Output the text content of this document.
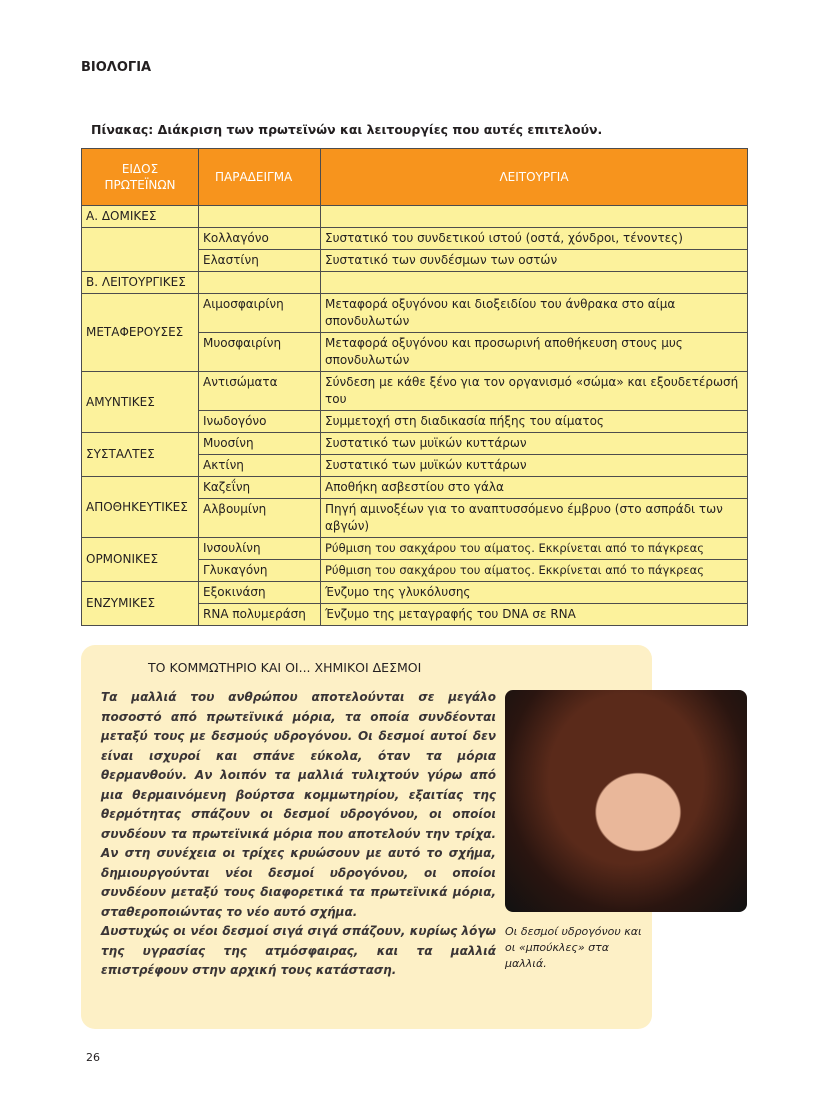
ΒΙΟΛΟΓΙΑ
Πίνακας: Διάκριση των πρωτεϊνών και λειτουργίες που αυτές επιτελούν.
ΕΙΔΟΣ ΠΡΩΤΕΪΝΩΝ	ΠΑΡΑΔΕΙΓΜΑ	ΛΕΙΤΟΥΡΓΙΑ
Α. ΔΟΜΙΚΕΣ		
	Κολλαγόνο	Συστατικό του συνδετικού ιστού (οστά, χόνδροι, τένοντες)
	Ελαστίνη	Συστατικό των συνδέσμων των οστών
Β. ΛΕΙΤΟΥΡΓΙΚΕΣ		
ΜΕΤΑΦΕΡΟΥΣΕΣ	Αιμοσφαιρίνη	Μεταφορά οξυγόνου και διοξειδίου του άνθρακα στο αίμα σπονδυλωτών
	Μυοσφαιρίνη	Μεταφορά οξυγόνου και προσωρινή αποθήκευση στους μυς σπονδυλωτών
ΑΜΥΝΤΙΚΕΣ	Αντισώματα	Σύνδεση με κάθε ξένο για τον οργανισμό «σώμα» και εξουδετέρωσή του
	Ινωδογόνο	Συμμετοχή στη διαδικασία πήξης του αίματος
ΣΥΣΤΑΛΤΕΣ	Μυοσίνη	Συστατικό των μυϊκών κυττάρων
	Ακτίνη	Συστατικό των μυϊκών κυττάρων
ΑΠΟΘΗΚΕΥΤΙΚΕΣ	Καζεΐνη	Αποθήκη ασβεστίου στο γάλα
	Αλβουμίνη	Πηγή αμινοξέων για το αναπτυσσόμενο έμβρυο (στο ασπράδι των αβγών)
ΟΡΜΟΝΙΚΕΣ	Ινσουλίνη	Ρύθμιση του σακχάρου του αίματος. Εκκρίνεται από το πάγκρεας
	Γλυκαγόνη	Ρύθμιση του σακχάρου του αίματος. Εκκρίνεται από το πάγκρεας
ΕΝΖΥΜΙΚΕΣ	Εξοκινάση	Ένζυμο της γλυκόλυσης
	RNA πολυμεράση	Ένζυμο της μεταγραφής του DNA σε RNA
ΤΟ ΚΟΜΜΩΤΗΡΙΟ ΚΑΙ ΟΙ... ΧΗΜΙΚΟΙ ΔΕΣΜΟΙ

Τα μαλλιά του ανθρώπου αποτελούνται σε μεγάλο ποσοστό από πρωτεϊνικά μόρια, τα οποία συνδέονται μεταξύ τους με δεσμούς υδρογόνου. Οι δεσμοί αυτοί δεν είναι ισχυροί και σπάνε εύκολα, όταν τα μόρια θερμανθούν. Αν λοιπόν τα μαλλιά τυλιχτούν γύρω από μια θερμαινόμενη βούρτσα κομμωτηρίου, εξαιτίας της θερμότητας σπάζουν οι δεσμοί υδρογόνου, οι οποίοι συνδέουν τα πρωτεϊνικά μόρια που αποτελούν την τρίχα. Αν στη συνέχεια οι τρίχες κρυώσουν με αυτό το σχήμα, δημιουργούνται νέοι δεσμοί υδρογόνου, οι οποίοι συνδέουν μεταξύ τους διαφορετικά τα πρωτεϊνικά μόρια, σταθεροποιώντας το νέο αυτό σχήμα.

Δυστυχώς οι νέοι δεσμοί σιγά σιγά σπάζουν, κυρίως λόγω της υγρασίας της ατμόσφαιρας, και τα μαλλιά επιστρέφουν στην αρχική τους κατάσταση.

Οι δεσμοί υδρογόνου και οι «μπούκλες» στα μαλλιά.
26
